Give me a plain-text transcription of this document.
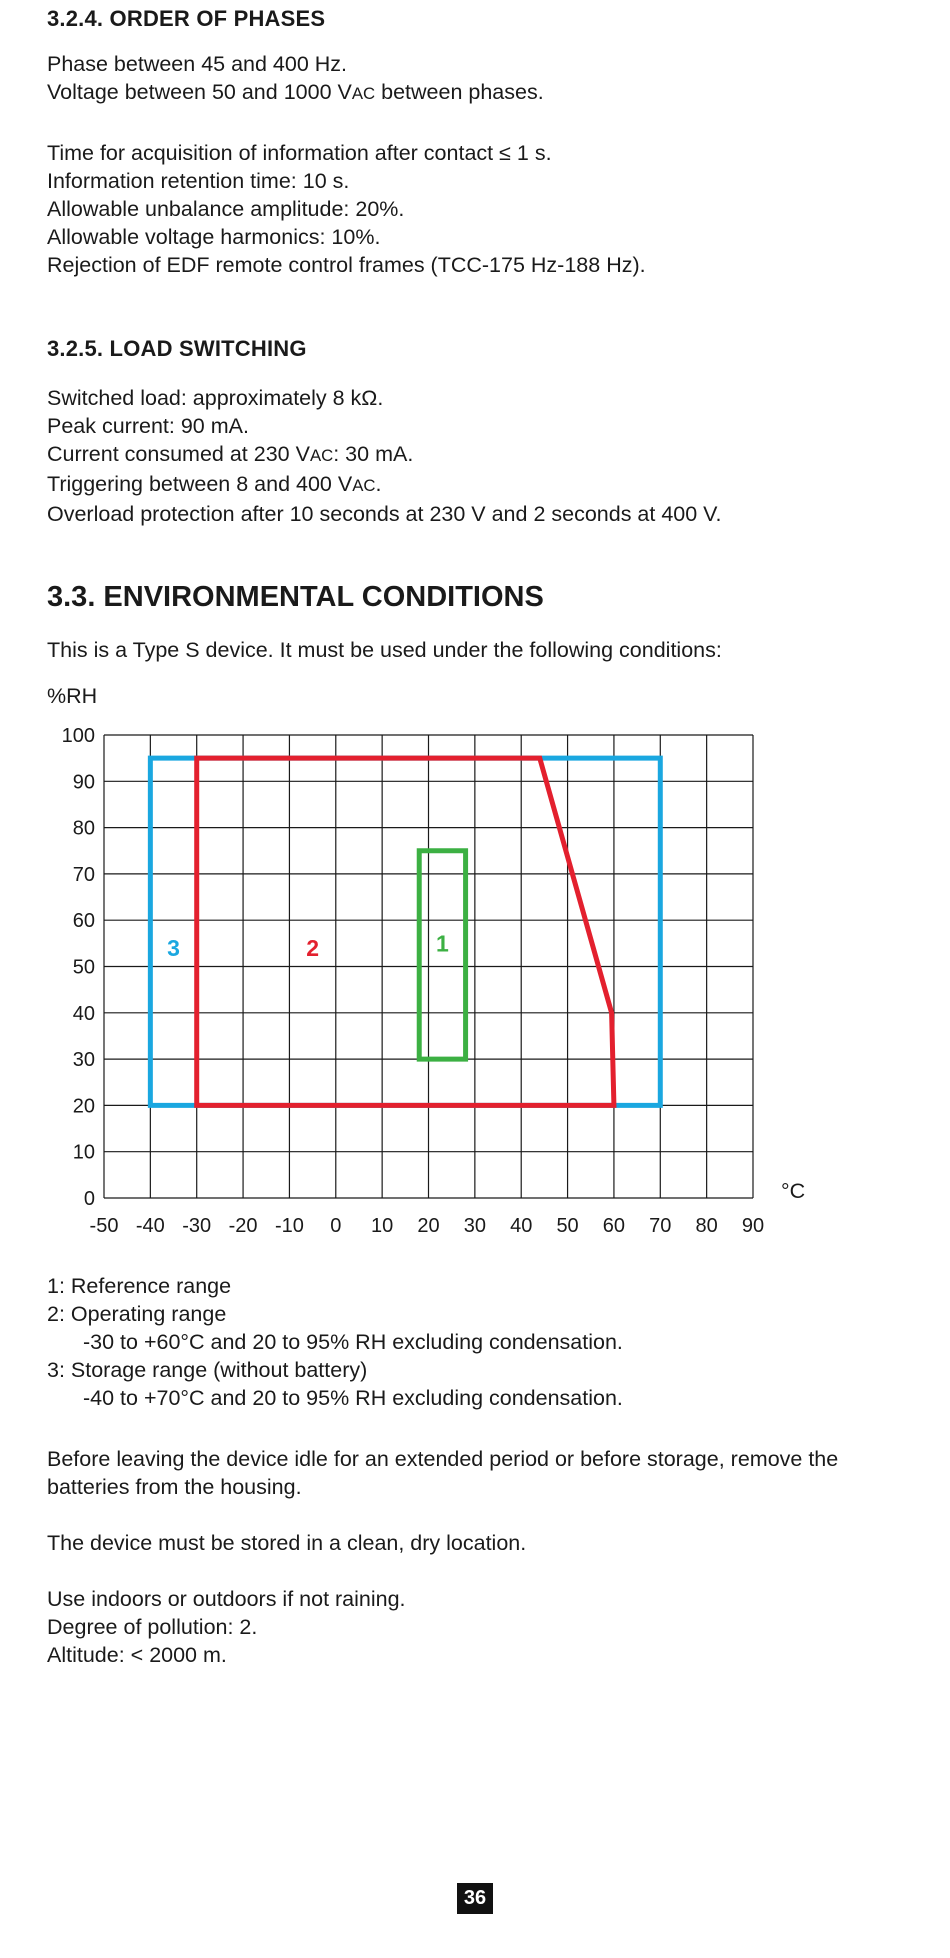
3.2.4. ORDER OF PHASES
Phase between 45 and 400 Hz.
Voltage between 50 and 1000 VAC between phases.
Time for acquisition of information after contact ≤ 1 s.
Information retention time: 10 s.
Allowable unbalance amplitude: 20%.
Allowable voltage harmonics: 10%.
Rejection of EDF remote control frames (TCC-175 Hz-188 Hz).
3.2.5. LOAD SWITCHING
Switched load: approximately 8 kΩ.
Peak current: 90 mA.
Current consumed at 230 VAC: 30 mA.
Triggering between 8 and 400 VAC.
Overload protection after 10 seconds at 230 V and 2 seconds at 400 V.
3.3. ENVIRONMENTAL CONDITIONS
This is a Type S device. It must be used under the following conditions:
0
10
20
30
40
50
60
70
80
90
100
-50 -40 -30 -20 -10 0 10 20 30 40 50 60 70 80 90
%RH
°C
1
2
3
1: Reference range
2: Operating range
-30 to +60°C and 20 to 95% RH excluding condensation.
3: Storage range (without battery)
-40 to +70°C and 20 to 95% RH excluding condensation.
Before leaving the device idle for an extended period or before storage, remove the batteries from the housing.
The device must be stored in a clean, dry location.
Use indoors or outdoors if not raining.
Degree of pollution: 2.
Altitude: < 2000 m.
36
